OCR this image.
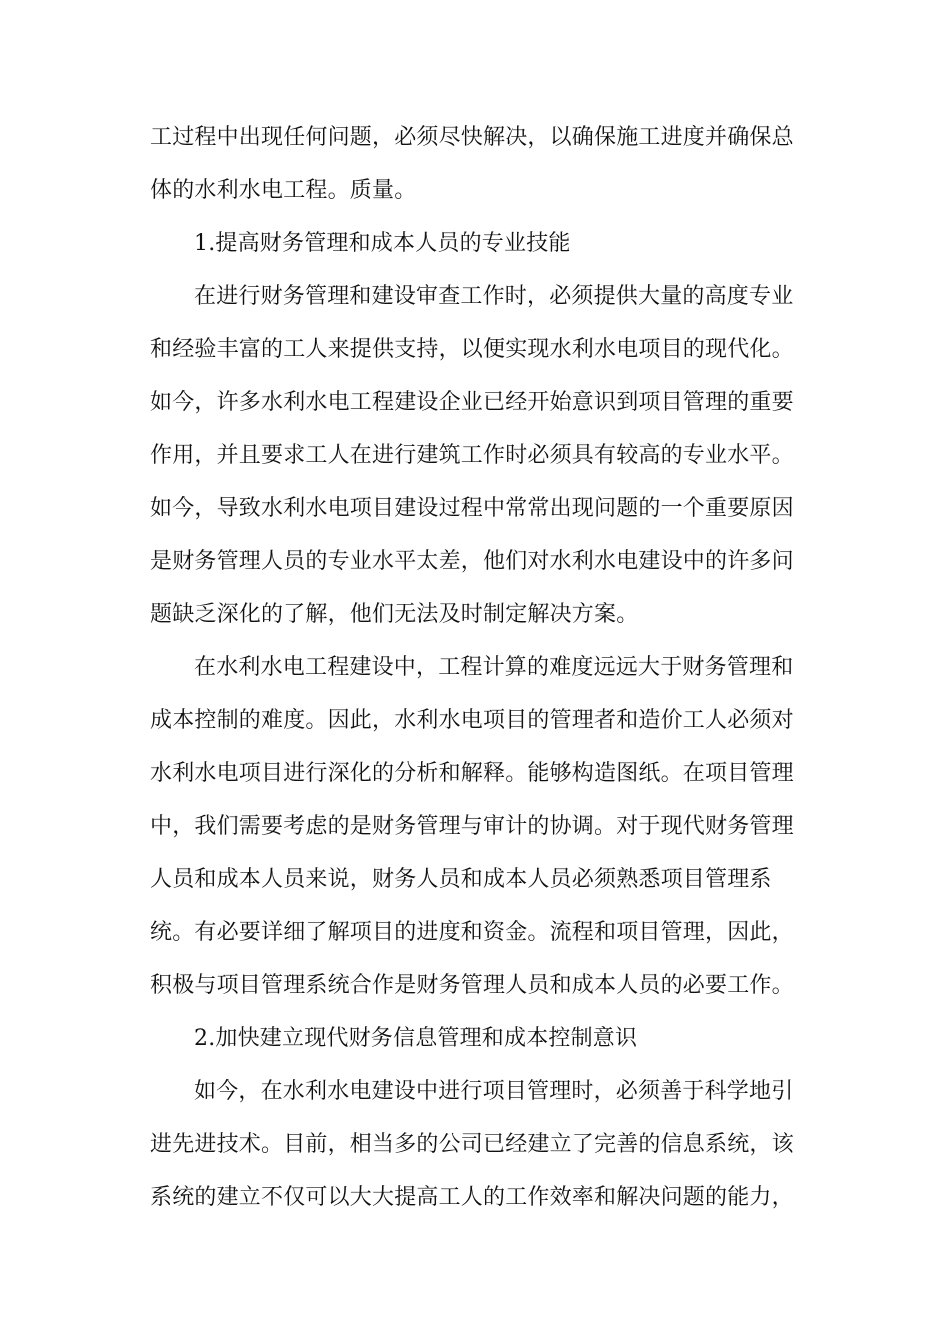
工过程中出现任何问题，必须尽快解决，以确保施工进度并确保总
体的水利水电工程。质量。
1.提高财务管理和成本人员的专业技能
在进行财务管理和建设审查工作时，必须提供大量的高度专业
和经验丰富的工人来提供支持，以便实现水利水电项目的现代化。
如今，许多水利水电工程建设企业已经开始意识到项目管理的重要
作用，并且要求工人在进行建筑工作时必须具有较高的专业水平。
如今，导致水利水电项目建设过程中常常出现问题的一个重要原因
是财务管理人员的专业水平太差，他们对水利水电建设中的许多问
题缺乏深化的了解，他们无法及时制定解决方案。
在水利水电工程建设中，工程计算的难度远远大于财务管理和
成本控制的难度。因此，水利水电项目的管理者和造价工人必须对
水利水电项目进行深化的分析和解释。能够构造图纸。在项目管理
中，我们需要考虑的是财务管理与审计的协调。对于现代财务管理
人员和成本人员来说，财务人员和成本人员必须熟悉项目管理系
统。有必要详细了解项目的进度和资金。流程和项目管理，因此，
积极与项目管理系统合作是财务管理人员和成本人员的必要工作。
2.加快建立现代财务信息管理和成本控制意识
如今，在水利水电建设中进行项目管理时，必须善于科学地引
进先进技术。目前，相当多的公司已经建立了完善的信息系统，该
系统的建立不仅可以大大提高工人的工作效率和解决问题的能力，
